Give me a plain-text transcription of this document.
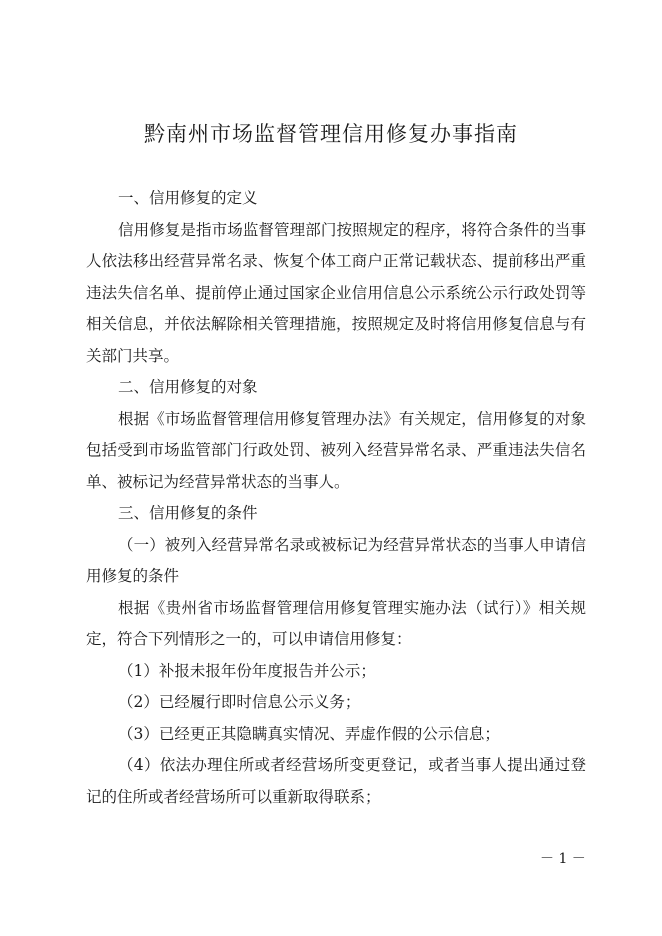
黔南州市场监督管理信用修复办事指南

一、信用修复的定义

信用修复是指市场监督管理部门按照规定的程序，将符合条件的当事人依法移出经营异常名录、恢复个体工商户正常记载状态、提前移出严重违法失信名单、提前停止通过国家企业信用信息公示系统公示行政处罚等相关信息，并依法解除相关管理措施，按照规定及时将信用修复信息与有关部门共享。

二、信用修复的对象

根据《市场监督管理信用修复管理办法》有关规定，信用修复的对象包括受到市场监管部门行政处罚、被列入经营异常名录、严重违法失信名单、被标记为经营异常状态的当事人。

三、信用修复的条件

（一）被列入经营异常名录或被标记为经营异常状态的当事人申请信用修复的条件

根据《贵州省市场监督管理信用修复管理实施办法（试行）》相关规定，符合下列情形之一的，可以申请信用修复：

（1）补报未报年份年度报告并公示；

（2）已经履行即时信息公示义务；

（3）已经更正其隐瞒真实情况、弄虚作假的公示信息；

（4）依法办理住所或者经营场所变更登记，或者当事人提出通过登记的住所或者经营场所可以重新取得联系；

－ 1 －
